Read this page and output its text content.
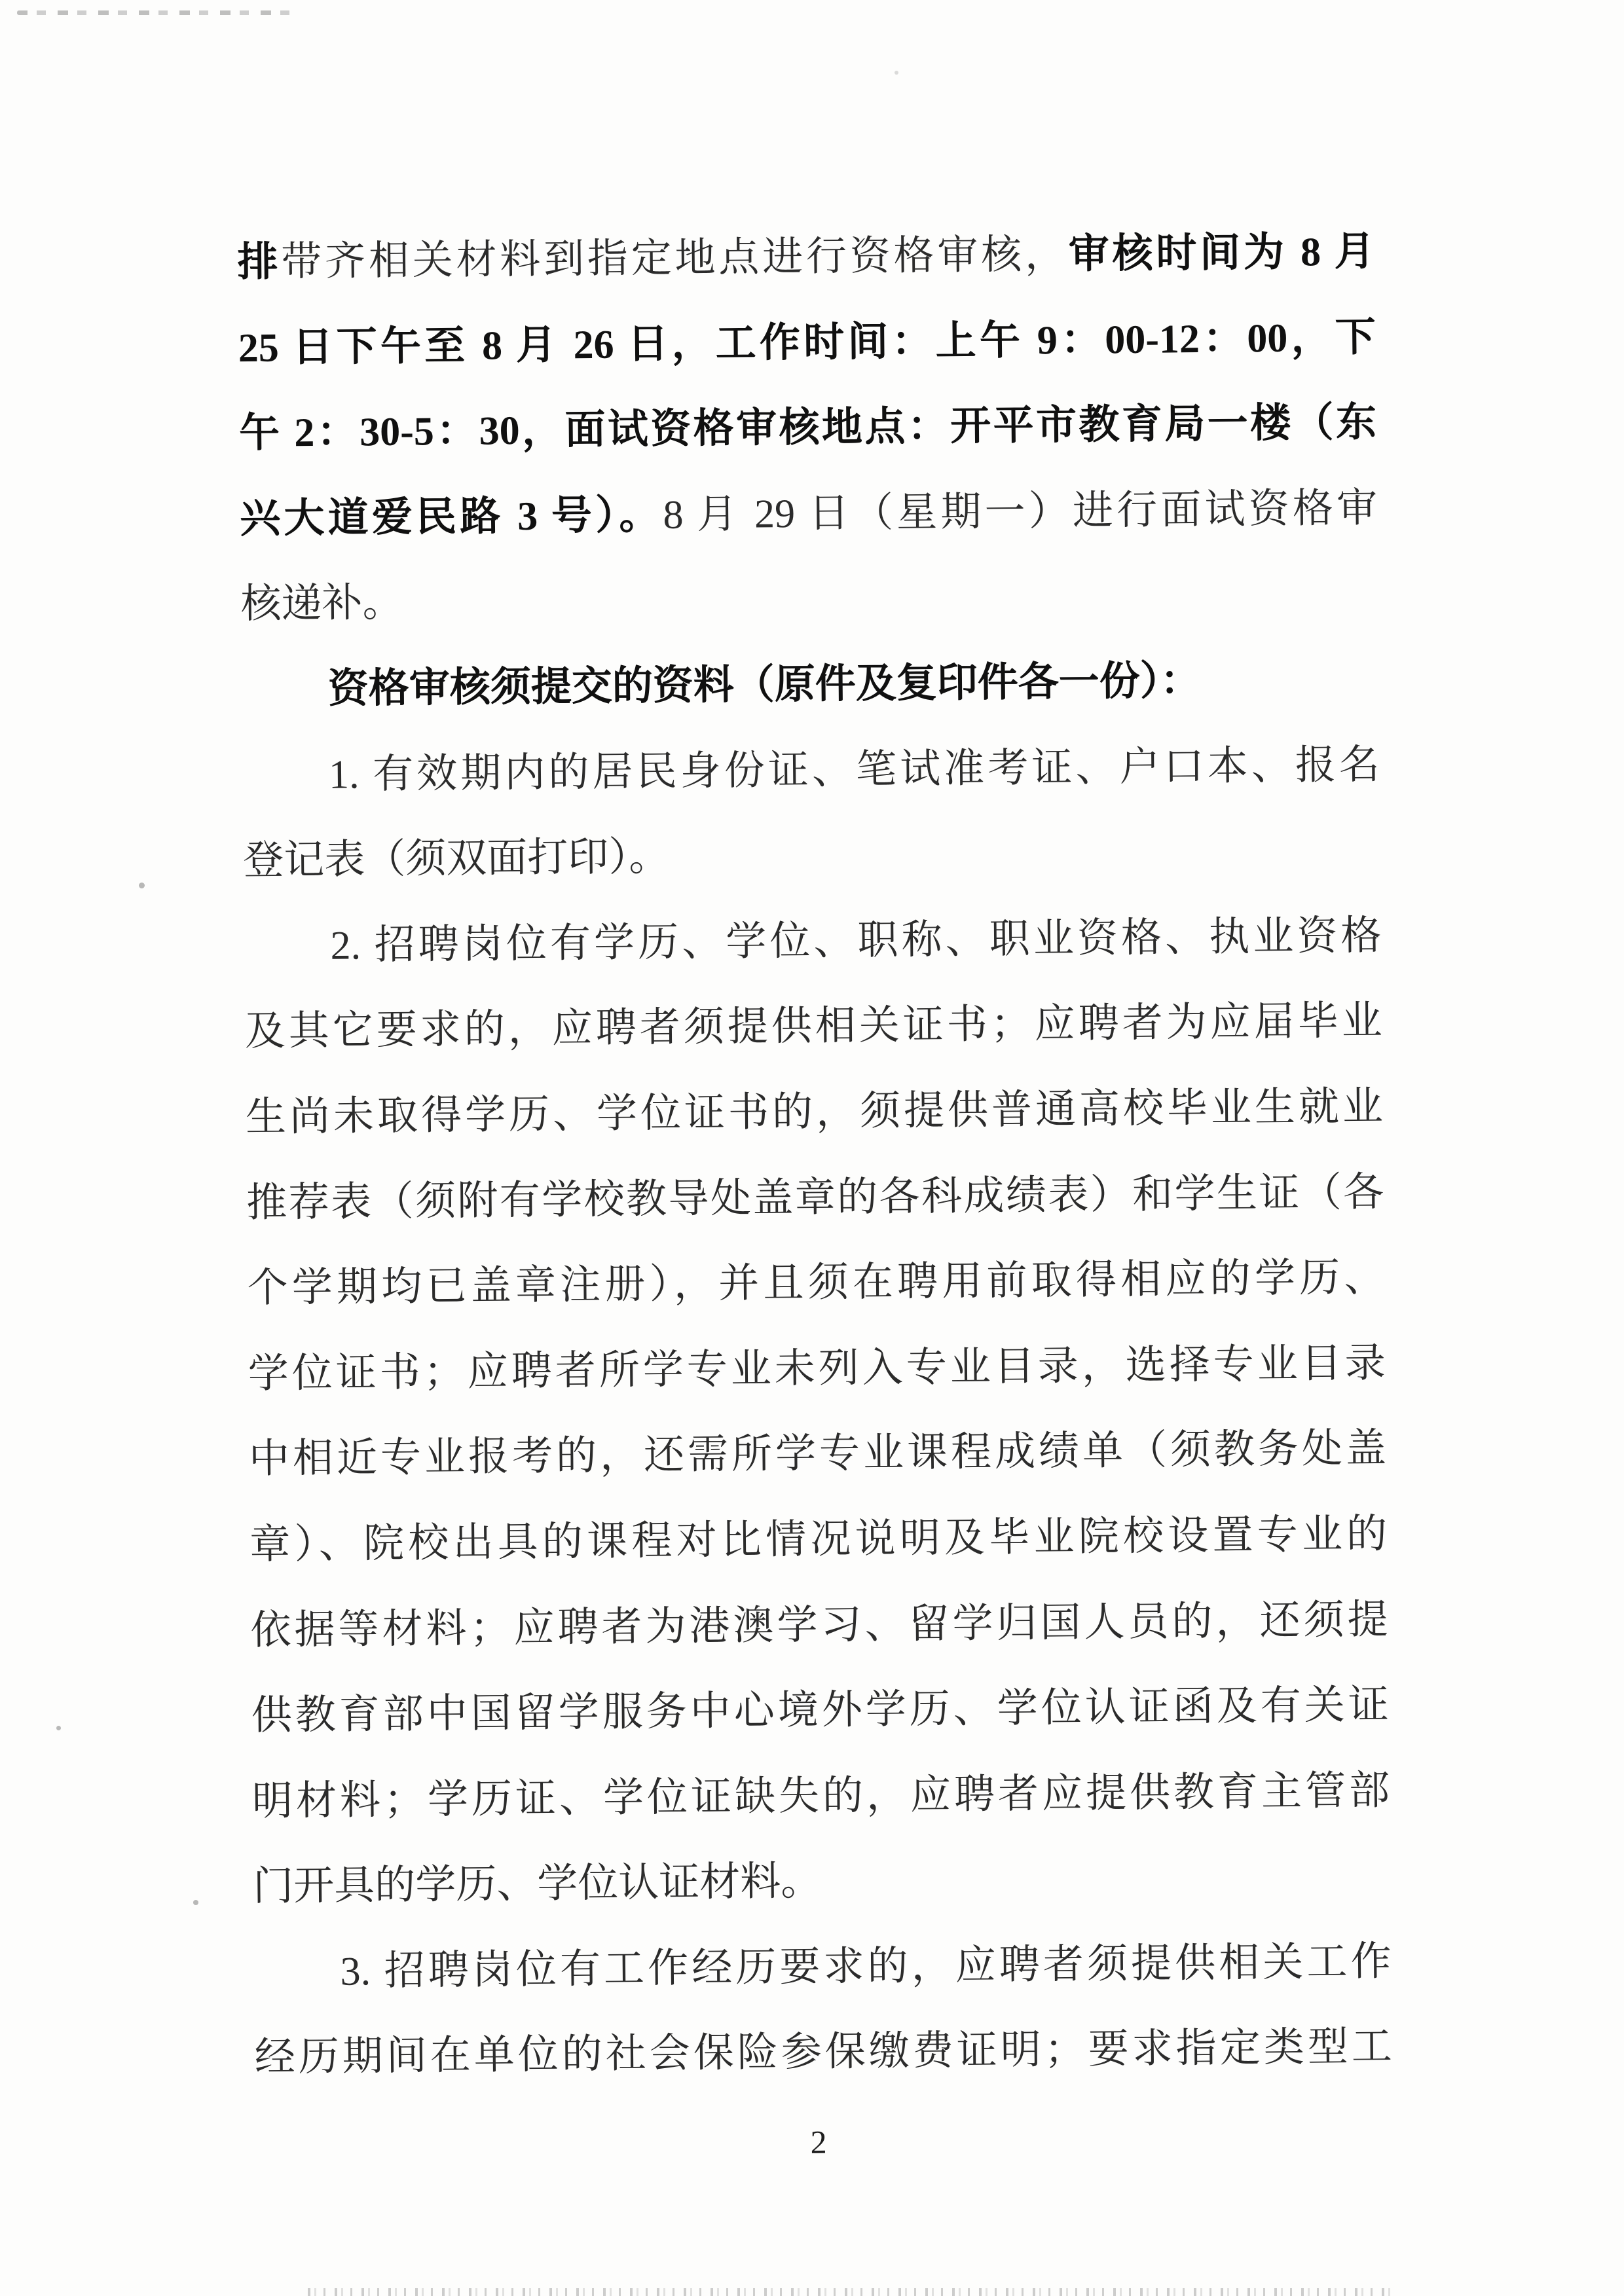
排带齐相关材料到指定地点进行资格审核，审核时间为 8 月
25 日下午至 8 月 26 日，工作时间：上午 9：00-12：00，下
午 2：30-5：30，面试资格审核地点：开平市教育局一楼（东
兴大道爱民路 3 号）。8 月 29 日（星期一）进行面试资格审
核递补。
资格审核须提交的资料（原件及复印件各一份）：
1. 有效期内的居民身份证、笔试准考证、户口本、报名
登记表（须双面打印）。
2. 招聘岗位有学历、学位、职称、职业资格、执业资格
及其它要求的，应聘者须提供相关证书；应聘者为应届毕业
生尚未取得学历、学位证书的，须提供普通高校毕业生就业
推荐表（须附有学校教导处盖章的各科成绩表）和学生证（各
个学期均已盖章注册），并且须在聘用前取得相应的学历、
学位证书；应聘者所学专业未列入专业目录，选择专业目录
中相近专业报考的，还需所学专业课程成绩单（须教务处盖
章）、院校出具的课程对比情况说明及毕业院校设置专业的
依据等材料；应聘者为港澳学习、留学归国人员的，还须提
供教育部中国留学服务中心境外学历、学位认证函及有关证
明材料；学历证、学位证缺失的，应聘者应提供教育主管部
门开具的学历、学位认证材料。
3. 招聘岗位有工作经历要求的，应聘者须提供相关工作
经历期间在单位的社会保险参保缴费证明；要求指定类型工
2
